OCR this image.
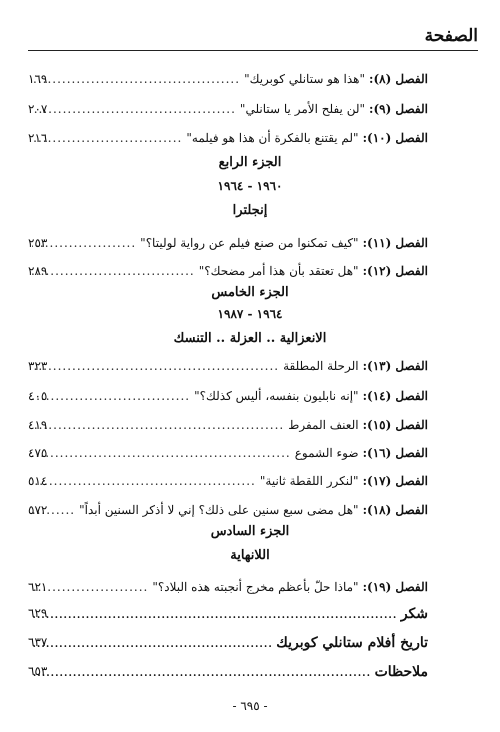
الصفحة
الفصل (٨):
"هذا هو ستانلي كوبريك"
.....
١٦٩
الفصل (٩):
"لن يفلح الأمر يا ستانلي"
.....
٢٠٧
الفصل (١٠):
"لم يقتنع بالفكرة أن هذا هو فيلمه"
.....
٢١٦
الجزء الرابع
١٩٦٠ - ١٩٦٤
إنجلترا
الفصل (١١):
"كيف تمكنوا من صنع فيلم عن رواية لوليتا؟"
.....
٢٥٣
الفصل (١٢):
"هل تعتقد بأن هذا أمر مضحك؟"
.....
٢٨٩
الجزء الخامس
١٩٦٤ - ١٩٨٧
الانعزالية .. العزلة .. التنسك
الفصل (١٣):
الرحلة المطلقة
.....
٣٢٣
الفصل (١٤):
"إنه نابليون بنفسه، أليس كذلك؟"
.....
٤٠٥
الفصل (١٥):
العنف المفرط
.....
٤١٩
الفصل (١٦):
ضوء الشموع
.....
٤٧٥
الفصل (١٧):
"لنكرر اللقطة ثانية"
.....
٥١٤
الفصل (١٨):
"هل مضى سبع سنين على ذلك؟ إني لا أذكر السنين أبداً"
.....
٥٧٢
الجزء السادس
اللانهاية
الفصل (١٩):
"ماذا حلّ بأعظم مخرج أنجبته هذه البلاد؟"
.....
٦٢١
شكر
.....
٦٢٩
تاريخ أفلام ستانلي كوبريك
.....
٦٣٧
ملاحظات
.....
٦٥٣
- ٦٩٥ -
